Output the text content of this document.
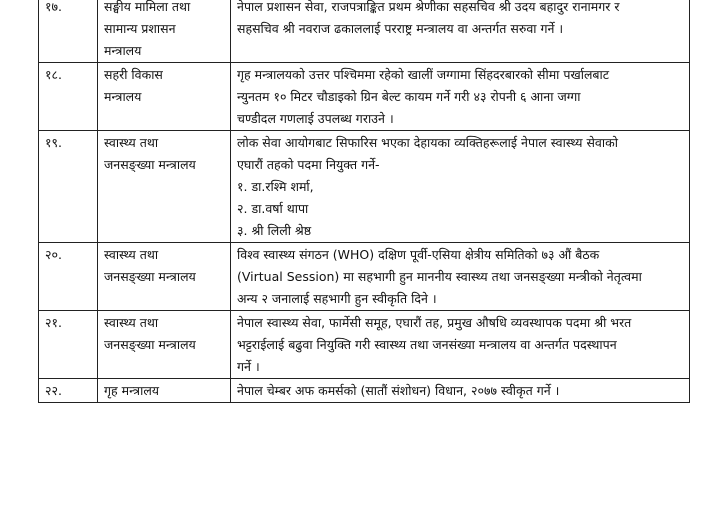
१७.	सङ्घीय मामिला तथा
सामान्य प्रशासन
मन्त्रालय	नेपाल प्रशासन सेवा, राजपत्राङ्कित प्रथम श्रेणीका सहसचिव श्री उदय बहादुर रानामगर र
सहसचिव श्री नवराज ढकाललाई परराष्ट्र मन्त्रालय वा अन्तर्गत सरुवा गर्ने ।

१८.	सहरी विकास
मन्त्रालय	गृह मन्त्रालयको उत्तर पश्चिममा रहेको खालीं जग्गामा सिंहदरबारको सीमा पर्खालबाट
न्युनतम १० मिटर चौडाइको ग्रिन बेल्ट कायम गर्ने गरी ४३ रोपनी ६ आना जग्गा
चण्डीदल गणलाई उपलब्ध गराउने ।

१९.	स्वास्थ्य तथा
जनसङ्ख्या मन्त्रालय	लोक सेवा आयोगबाट सिफारिस भएका देहायका व्यक्तिहरूलाई नेपाल स्वास्थ्य सेवाको
एघारौं तहको पदमा नियुक्त गर्ने-
१. डा.रश्मि शर्मा,
२. डा.वर्षा थापा
३. श्री लिली श्रेष्ठ

२०.	स्वास्थ्य तथा
जनसङ्ख्या मन्त्रालय	विश्व स्वास्थ्य संगठन (WHO) दक्षिण पूर्वी-एसिया क्षेत्रीय समितिको ७३ औं बैठक
(Virtual Session) मा सहभागी हुन माननीय स्वास्थ्य तथा जनसङ्ख्या मन्त्रीको नेतृत्वमा
अन्य २ जनालाई सहभागी हुन स्वीकृति दिने ।

२१.	स्वास्थ्य तथा
जनसङ्ख्या मन्त्रालय	नेपाल स्वास्थ्य सेवा, फार्मेसी समूह, एघारौं तह, प्रमुख औषधि व्यवस्थापक पदमा श्री भरत
भट्टराईलाई बढुवा नियुक्ति गरी स्वास्थ्य तथा जनसंख्या मन्त्रालय वा अन्तर्गत पदस्थापन
गर्ने ।

२२.	गृह मन्त्रालय	नेपाल चेम्बर अफ कमर्सको (सातौं संशोधन) विधान, २०७७ स्वीकृत गर्ने ।
